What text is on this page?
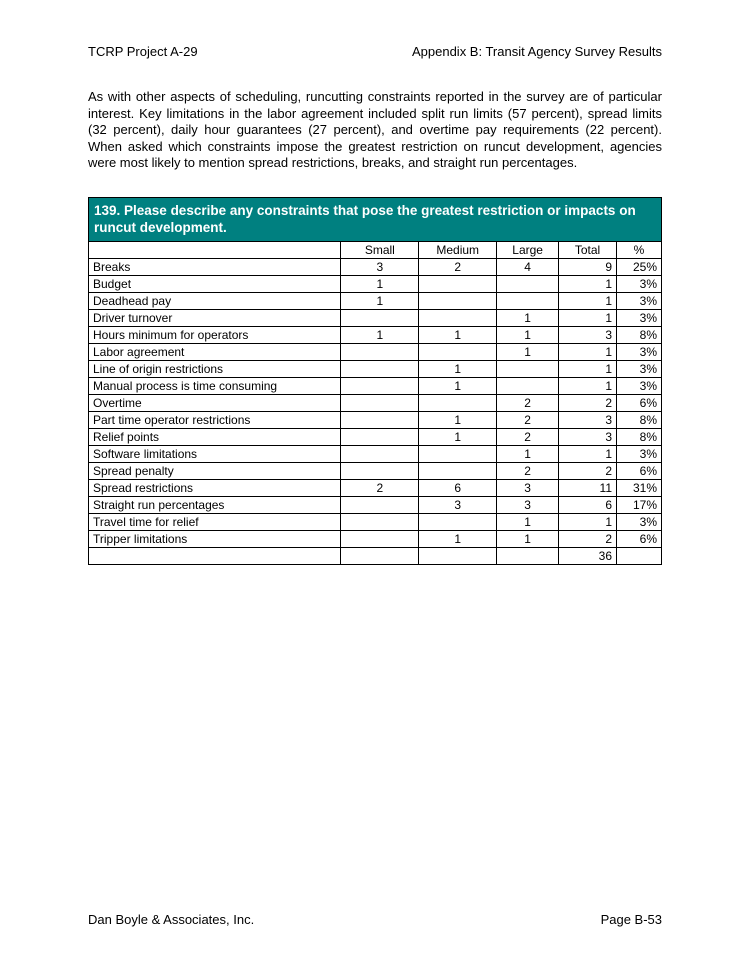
TCRP Project A-29	Appendix B: Transit Agency Survey Results
As with other aspects of scheduling, runcutting constraints reported in the survey are of particular interest. Key limitations in the labor agreement included split run limits (57 percent), spread limits (32 percent), daily hour guarantees (27 percent), and overtime pay requirements (22 percent). When asked which constraints impose the greatest restriction on runcut development, agencies were most likely to mention spread restrictions, breaks, and straight run percentages.
139. Please describe any constraints that pose the greatest restriction or impacts on runcut development.					
	Small	Medium	Large	Total	%
Breaks	3	2	4	9	25%
Budget	1			1	3%
Deadhead pay	1			1	3%
Driver turnover			1	1	3%
Hours minimum for operators	1	1	1	3	8%
Labor agreement			1	1	3%
Line of origin restrictions		1		1	3%
Manual process is time consuming		1		1	3%
Overtime			2	2	6%
Part time operator restrictions		1	2	3	8%
Relief points		1	2	3	8%
Software limitations			1	1	3%
Spread penalty			2	2	6%
Spread restrictions	2	6	3	11	31%
Straight run percentages		3	3	6	17%
Travel time for relief			1	1	3%
Tripper limitations		1	1	2	6%
				36	
Dan Boyle & Associates, Inc.	Page B-53
